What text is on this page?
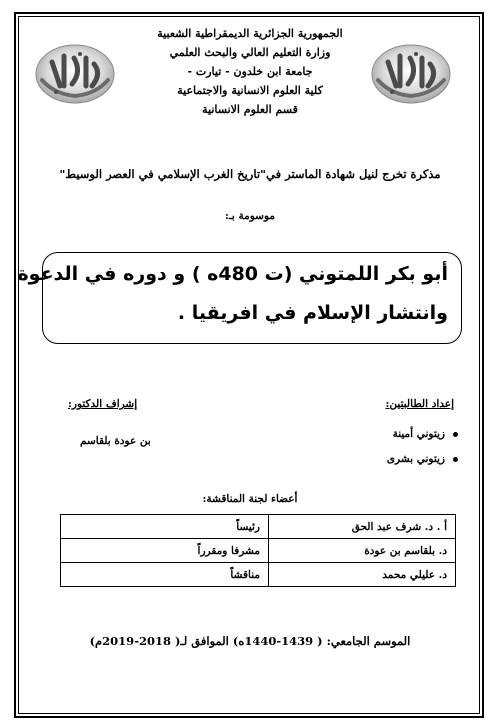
الجمهورية الجزائرية الديمقراطية الشعبية
وزارة التعليم العالي والبحث العلمي
جامعة ابن خلدون - تيارت -
كلية العلوم الانسانية والاجتماعية
قسم العلوم الانسانية
مذكرة تخرج لنيل شهادة الماستر في"تاريخ الغرب الإسلامي في العصر الوسيط"
موسومة بـ:
أبو بكر اللمتوني (ت 480ه ) و دوره في الدعوة
وانتشار الإسلام في افريقيا .
إعداد الطالبتين:
إشراف الدكتور:
زيتوني أمينة
زيتوني بشرى
بن عودة بلقاسم
أعضاء لجنة المناقشة:
أ . د. شرف عبد الحق	رئيساً
د. بلقاسم بن عودة	مشرفا ومقرراً
د. عليلي محمد	مناقشاً
الموسم الجامعي: ( 1439-1440ه) الموافق لـ( 2018-2019م)
